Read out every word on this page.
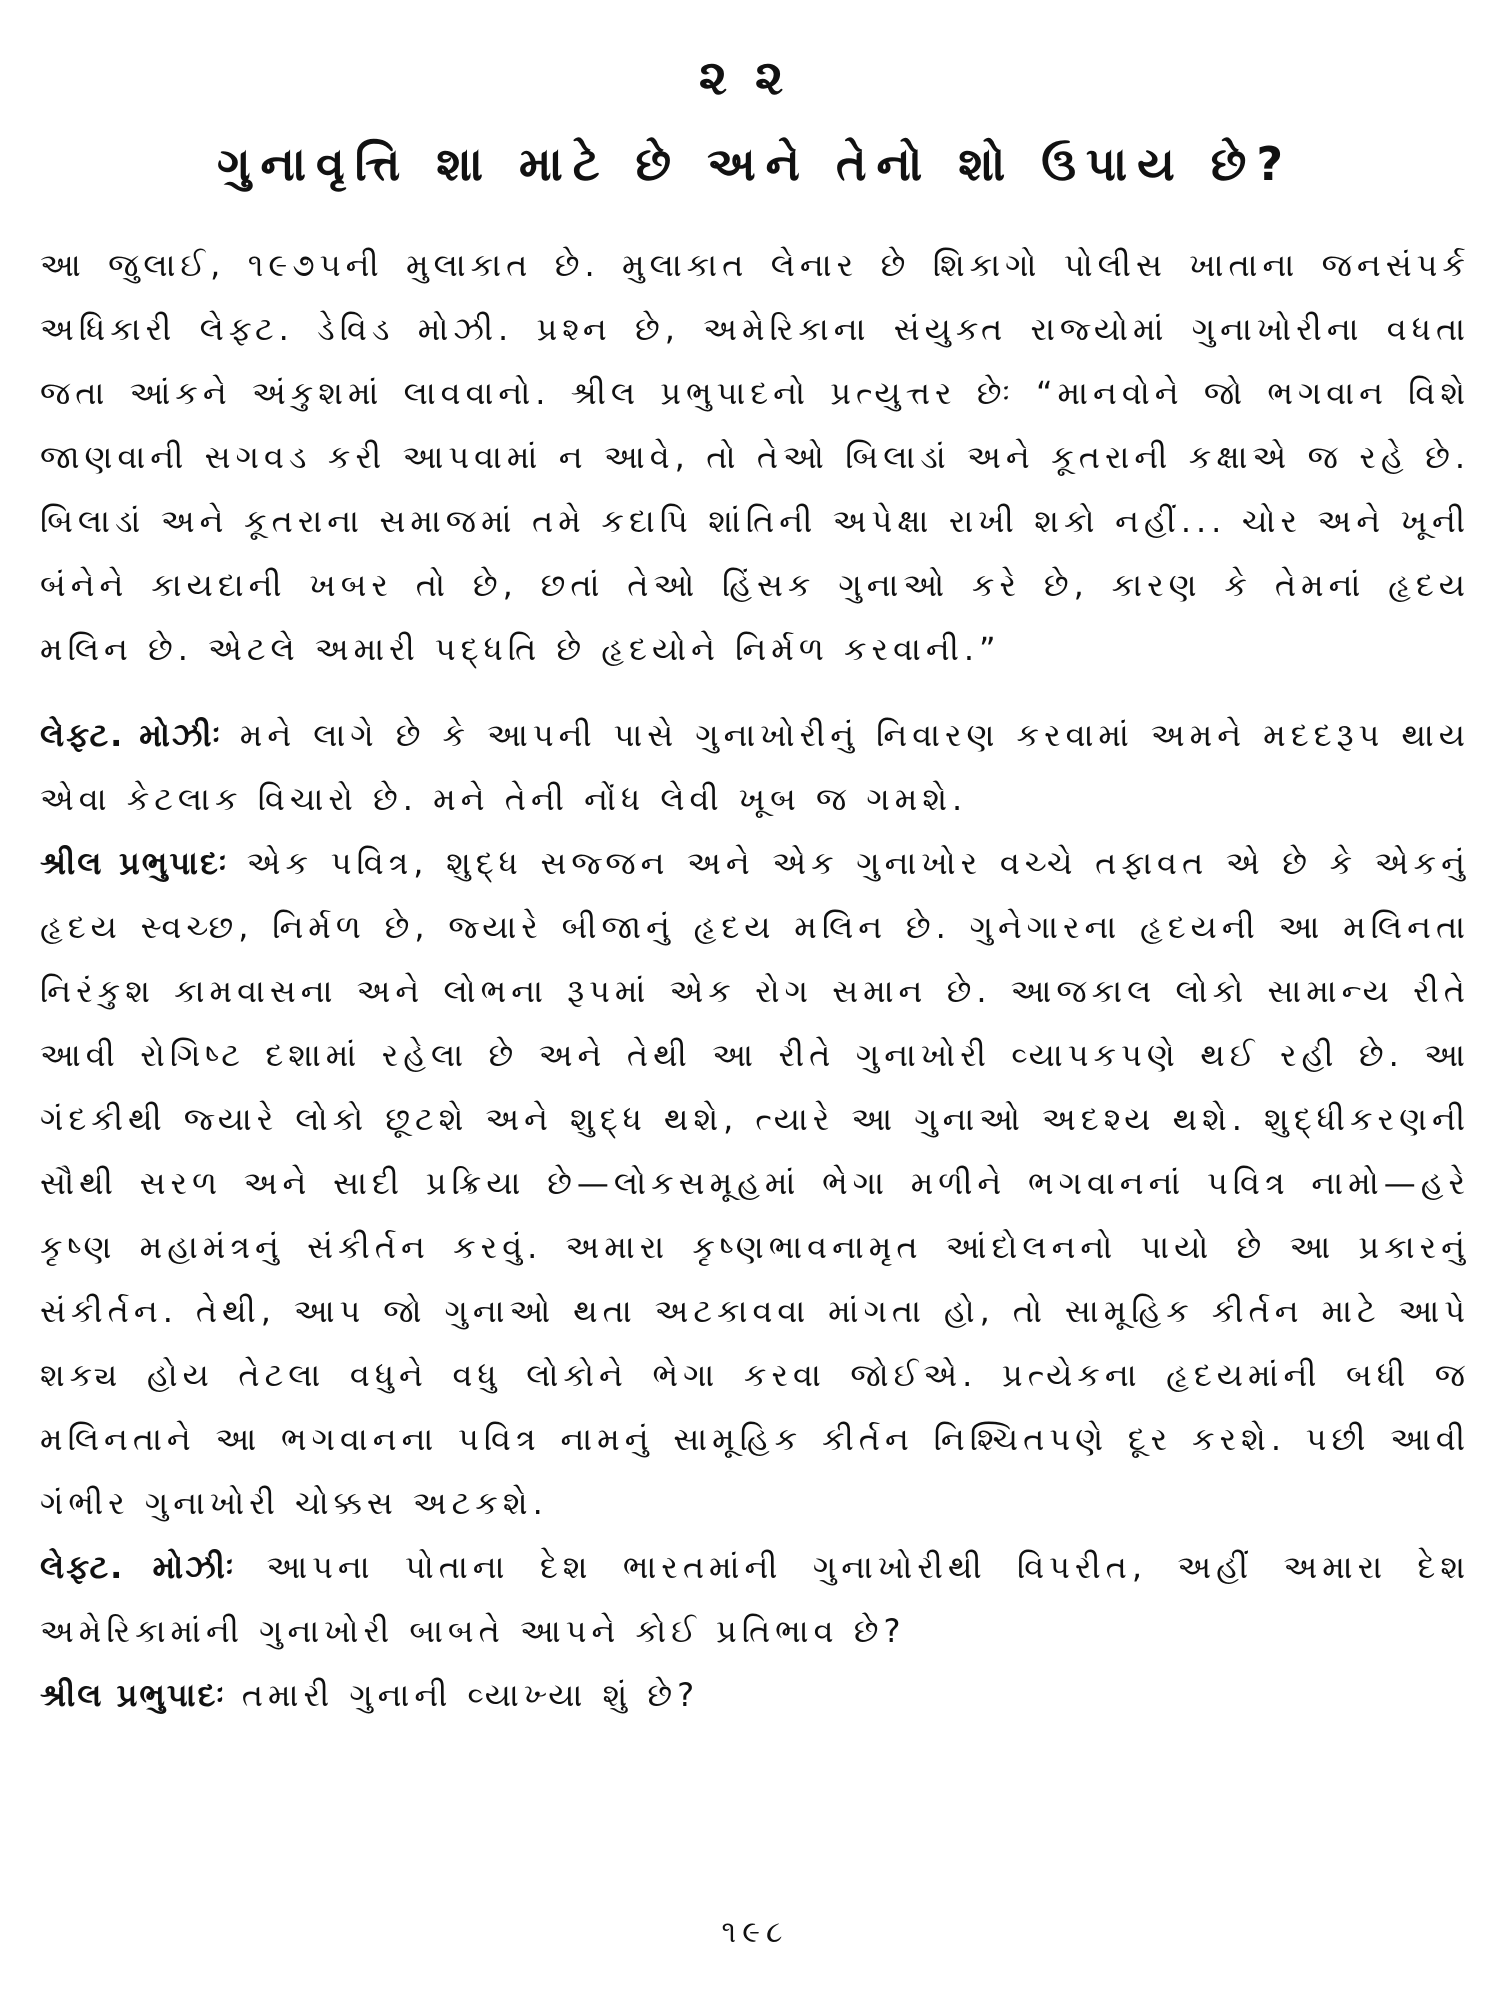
૨૨
ગુનાવૃત્તિ શા માટે છે અને તેનો શો ઉપાય છે?

આ જુલાઈ, ૧૯૭૫ની મુલાકાત છે. મુલાકાત લેનાર છે શિકાગો પોલીસ ખાતાના જનસંપર્ક અધિકારી લેફ્ટ. ડેવિડ મોઝી. પ્રશ્ન છે, અમેરિકાના સંયુક્ત રાજ્યોમાં ગુનાખોરીના વધતા જતા આંકને અંકુશમાં લાવવાનો. શ્રીલ પ્રભુપાદનો પ્રત્યુત્તર છેઃ “માનવોને જો ભગવાન વિશે જાણવાની સગવડ કરી આપવામાં ન આવે, તો તેઓ બિલાડાં અને કૂતરાની કક્ષાએ જ રહે છે. બિલાડાં અને કૂતરાના સમાજમાં તમે કદાપિ શાંતિની અપેક્ષા રાખી શકો નહીં... ચોર અને ખૂની બંનેને કાયદાની ખબર તો છે, છતાં તેઓ હિંસક ગુનાઓ કરે છે, કારણ કે તેમનાં હૃદય મલિન છે. એટલે અમારી પદ્ધતિ છે હૃદયોને નિર્મળ કરવાની.”

લેફ્ટ. મોઝીઃ મને લાગે છે કે આપની પાસે ગુનાખોરીનું નિવારણ કરવામાં અમને મદદરૂપ થાય એવા કેટલાક વિચારો છે. મને તેની નોંધ લેવી ખૂબ જ ગમશે.

શ્રીલ પ્રભુપાદઃ એક પવિત્ર, શુદ્ધ સજ્જન અને એક ગુનાખોર વચ્ચે તફાવત એ છે કે એકનું હૃદય સ્વચ્છ, નિર્મળ છે, જ્યારે બીજાનું હૃદય મલિન છે. ગુનેગારના હૃદયની આ મલિનતા નિરંકુશ કામવાસના અને લોભના રૂપમાં એક રોગ સમાન છે. આજકાલ લોકો સામાન્ય રીતે આવી રોગિષ્ટ દશામાં રહેલા છે અને તેથી આ રીતે ગુનાખોરી વ્યાપકપણે થઈ રહી છે. આ ગંદકીથી જ્યારે લોકો છૂટશે અને શુદ્ધ થશે, ત્યારે આ ગુનાઓ અદશ્ય થશે. શુદ્ધીકરણની સૌથી સરળ અને સાદી પ્રક્રિયા છે—લોકસમૂહમાં ભેગા મળીને ભગવાનનાં પવિત્ર નામો—હરે કૃષ્ણ મહામંત્રનું સંકીર્તન કરવું. અમારા કૃષ્ણભાવનામૃત આંદોલનનો પાયો છે આ પ્રકારનું સંકીર્તન. તેથી, આપ જો ગુનાઓ થતા અટકાવવા માંગતા હો, તો સામૂહિક કીર્તન માટે આપે શક્ય હોય તેટલા વધુને વધુ લોકોને ભેગા કરવા જોઈએ. પ્રત્યેકના હૃદયમાંની બધી જ મલિનતાને આ ભગવાનના પવિત્ર નામનું સામૂહિક કીર્તન નિશ્ચિતપણે દૂર કરશે. પછી આવી ગંભીર ગુનાખોરી ચોક્કસ અટકશે.

લેફ્ટ. મોઝીઃ આપના પોતાના દેશ ભારતમાંની ગુનાખોરીથી વિપરીત, અહીં અમારા દેશ અમેરિકામાંની ગુનાખોરી બાબતે આપને કોઈ પ્રતિભાવ છે?

શ્રીલ પ્રભુપાદઃ તમારી ગુનાની વ્યાખ્યા શું છે?

૧૯૮
